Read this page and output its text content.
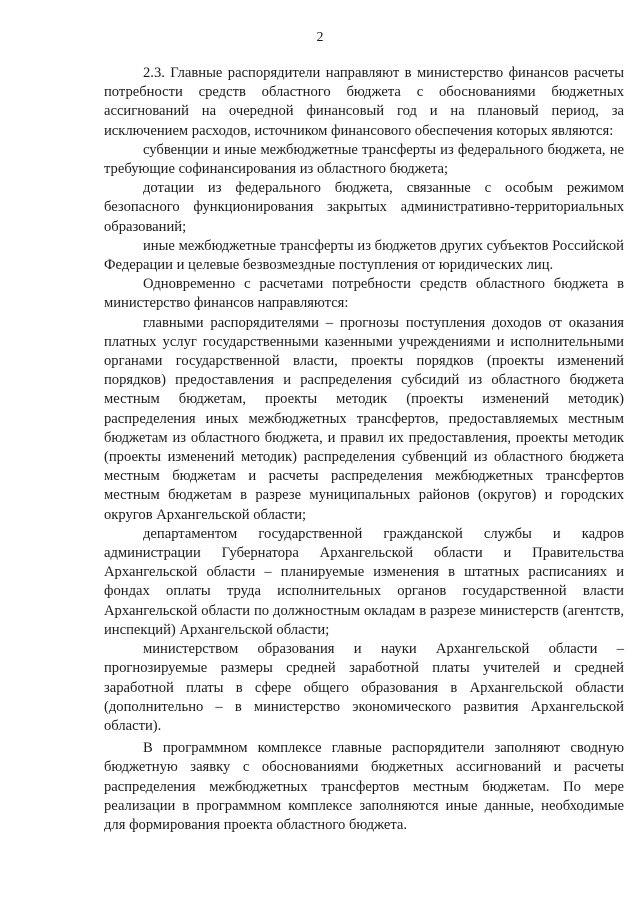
2

2.3. Главные распорядители направляют в министерство финансов расчеты потребности средств областного бюджета с обоснованиями бюджетных ассигнований на очередной финансовый год и на плановый период, за исключением расходов, источником финансового обеспечения которых являются:

субвенции и иные межбюджетные трансферты из федерального бюджета, не требующие софинансирования из областного бюджета;

дотации из федерального бюджета, связанные с особым режимом безопасного функционирования закрытых административно-территориальных образований;

иные межбюджетные трансферты из бюджетов других субъектов Российской Федерации и целевые безвозмездные поступления от юридических лиц.

Одновременно с расчетами потребности средств областного бюджета в министерство финансов направляются:

главными распорядителями – прогнозы поступления доходов от оказания платных услуг государственными казенными учреждениями и исполнительными органами государственной власти, проекты порядков (проекты изменений порядков) предоставления и распределения субсидий из областного бюджета местным бюджетам, проекты методик (проекты изменений методик) распределения иных межбюджетных трансфертов, предоставляемых местным бюджетам из областного бюджета, и правил их предоставления, проекты методик (проекты изменений методик) распределения субвенций из областного бюджета местным бюджетам и расчеты распределения межбюджетных трансфертов местным бюджетам в разрезе муниципальных районов (округов) и городских округов Архангельской области;

департаментом государственной гражданской службы и кадров администрации Губернатора Архангельской области и Правительства Архангельской области – планируемые изменения в штатных расписаниях и фондах оплаты труда исполнительных органов государственной власти Архангельской области по должностным окладам в разрезе министерств (агентств, инспекций) Архангельской области;

министерством образования и науки Архангельской области – прогнозируемые размеры средней заработной платы учителей и средней заработной платы в сфере общего образования в Архангельской области (дополнительно – в министерство экономического развития Архангельской области).

В программном комплексе главные распорядители заполняют сводную бюджетную заявку с обоснованиями бюджетных ассигнований и расчеты распределения межбюджетных трансфертов местным бюджетам. По мере реализации в программном комплексе заполняются иные данные, необходимые для формирования проекта областного бюджета.
